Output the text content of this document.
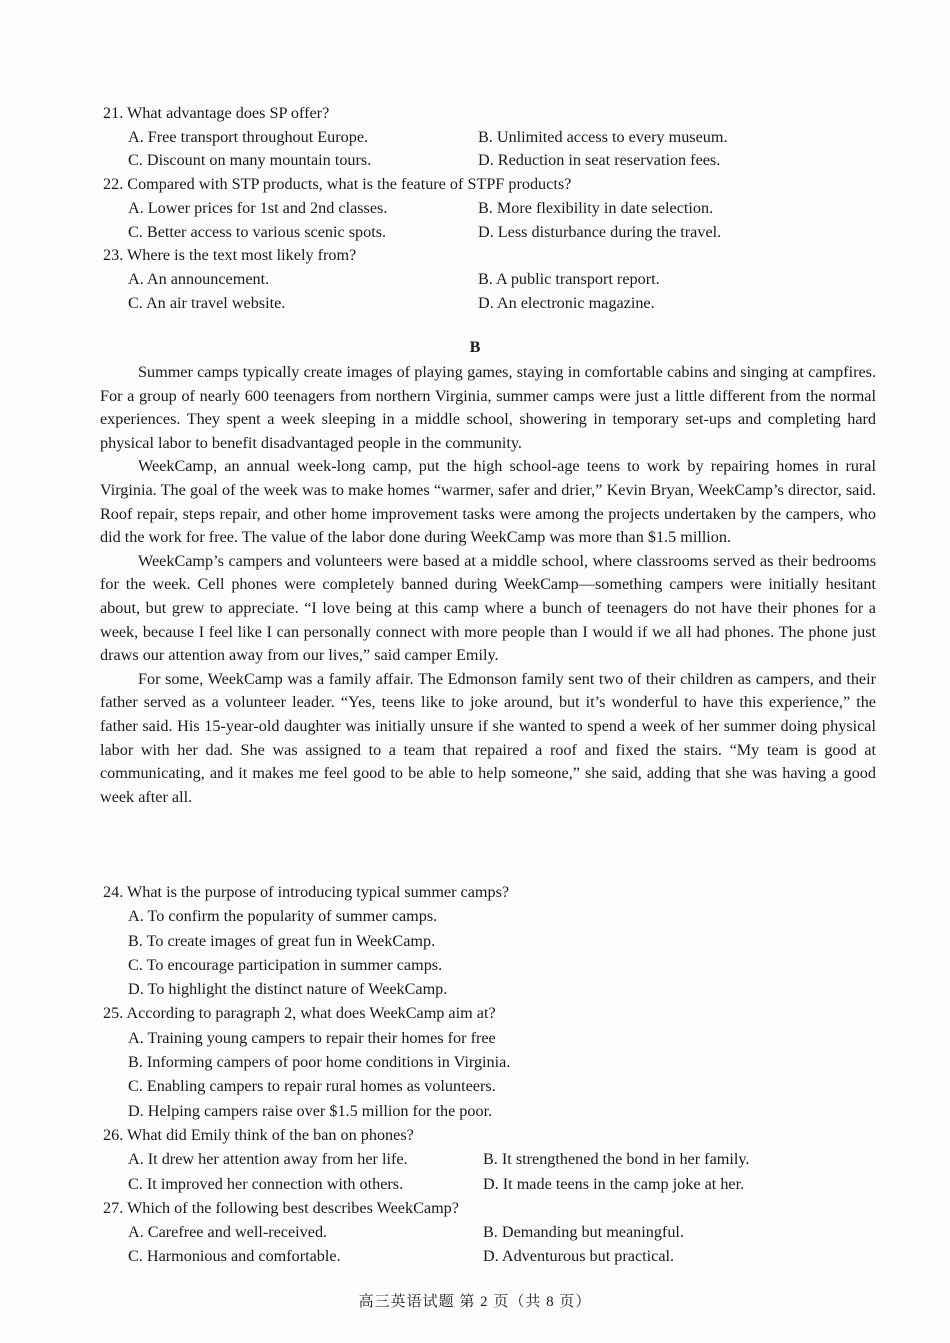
21. What advantage does SP offer?
A. Free transport throughout Europe.	B. Unlimited access to every museum.
C. Discount on many mountain tours.	D. Reduction in seat reservation fees.
22. Compared with STP products, what is the feature of STPF products?
A. Lower prices for 1st and 2nd classes.	B. More flexibility in date selection.
C. Better access to various scenic spots.	D. Less disturbance during the travel.
23. Where is the text most likely from?
A. An announcement.	B. A public transport report.
C. An air travel website.	D. An electronic magazine.
B

Summer camps typically create images of playing games, staying in comfortable cabins and singing at campfires. For a group of nearly 600 teenagers from northern Virginia, summer camps were just a little different from the normal experiences. They spent a week sleeping in a middle school, showering in temporary set-ups and completing hard physical labor to benefit disadvantaged people in the community.

WeekCamp, an annual week-long camp, put the high school-age teens to work by repairing homes in rural Virginia. The goal of the week was to make homes “warmer, safer and drier,” Kevin Bryan, WeekCamp’s director, said. Roof repair, steps repair, and other home improvement tasks were among the projects undertaken by the campers, who did the work for free. The value of the labor done during WeekCamp was more than $1.5 million.

WeekCamp’s campers and volunteers were based at a middle school, where classrooms served as their bedrooms for the week. Cell phones were completely banned during WeekCamp—something campers were initially hesitant about, but grew to appreciate. “I love being at this camp where a bunch of teenagers do not have their phones for a week, because I feel like I can personally connect with more people than I would if we all had phones. The phone just draws our attention away from our lives,” said camper Emily.

For some, WeekCamp was a family affair. The Edmonson family sent two of their children as campers, and their father served as a volunteer leader. “Yes, teens like to joke around, but it’s wonderful to have this experience,” the father said. His 15-year-old daughter was initially unsure if she wanted to spend a week of her summer doing physical labor with her dad. She was assigned to a team that repaired a roof and fixed the stairs. “My team is good at communicating, and it makes me feel good to be able to help someone,” she said, adding that she was having a good week after all.

24. What is the purpose of introducing typical summer camps?
A. To confirm the popularity of summer camps.
B. To create images of great fun in WeekCamp.
C. To encourage participation in summer camps.
D. To highlight the distinct nature of WeekCamp.
25. According to paragraph 2, what does WeekCamp aim at?
A. Training young campers to repair their homes for free
B. Informing campers of poor home conditions in Virginia.
C. Enabling campers to repair rural homes as volunteers.
D. Helping campers raise over $1.5 million for the poor.
26. What did Emily think of the ban on phones?
A. It drew her attention away from her life.	B. It strengthened the bond in her family.
C. It improved her connection with others.	D. It made teens in the camp joke at her.
27. Which of the following best describes WeekCamp?
A. Carefree and well-received.	B. Demanding but meaningful.
C. Harmonious and comfortable.	D. Adventurous but practical.
高三英语试题 第 2 页（共 8 页）
